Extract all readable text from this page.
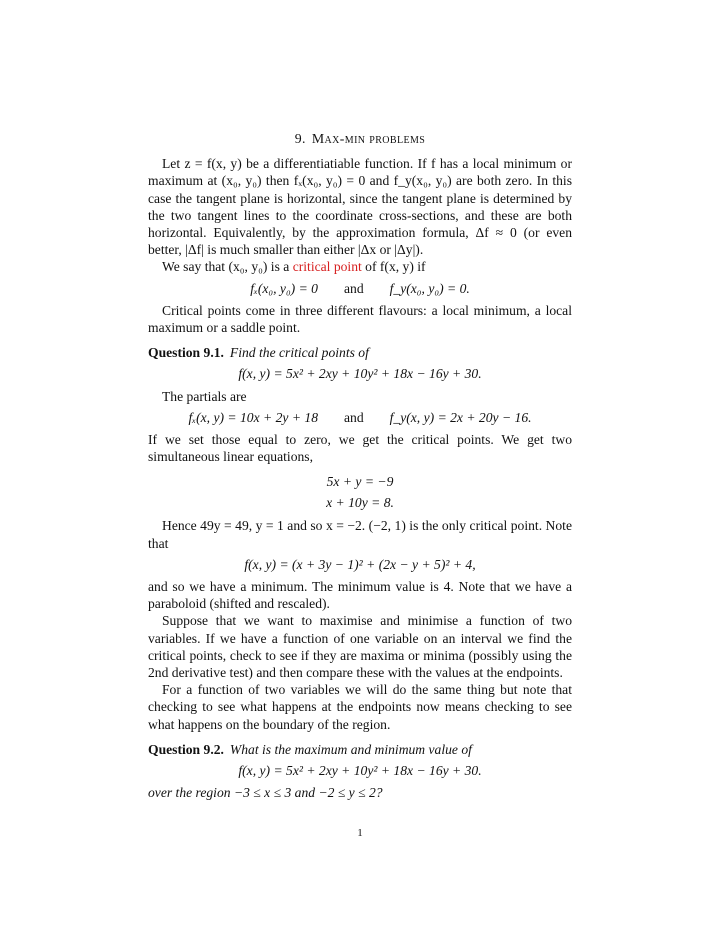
9. Max-min problems

Let z = f(x, y) be a differentiatiable function. If f has a local minimum or maximum at (x₀, y₀) then fₓ(x₀, y₀) = 0 and f_y(x₀, y₀) are both zero. In this case the tangent plane is horizontal, since the tangent plane is determined by the two tangent lines to the coordinate cross-sections, and these are both horizontal. Equivalently, by the approximation formula, Δf ≈ 0 (or even better, |Δf| is much smaller than either |Δx or |Δy|).

We say that (x₀, y₀) is a critical point of f(x, y) if

fₓ(x₀, y₀) = 0 and f_y(x₀, y₀) = 0.

Critical points come in three different flavours: a local minimum, a local maximum or a saddle point.

Question 9.1. Find the critical points of
f(x, y) = 5x² + 2xy + 10y² + 18x − 16y + 30.

The partials are

fₓ(x, y) = 10x + 2y + 18 and f_y(x, y) = 2x + 20y − 16.

If we set those equal to zero, we get the critical points. We get two simultaneous linear equations,

5x + y = −9
x + 10y = 8.

Hence 49y = 49, y = 1 and so x = −2. (−2, 1) is the only critical point. Note that

f(x, y) = (x + 3y − 1)² + (2x − y + 5)² + 4,

and so we have a minimum. The minimum value is 4. Note that we have a paraboloid (shifted and rescaled).

Suppose that we want to maximise and minimise a function of two variables. If we have a function of one variable on an interval we find the critical points, check to see if they are maxima or minima (possibly using the 2nd derivative test) and then compare these with the values at the endpoints.

For a function of two variables we will do the same thing but note that checking to see what happens at the endpoints now means checking to see what happens on the boundary of the region.

Question 9.2. What is the maximum and minimum value of
f(x, y) = 5x² + 2xy + 10y² + 18x − 16y + 30.

over the region −3 ≤ x ≤ 3 and −2 ≤ y ≤ 2?

1
